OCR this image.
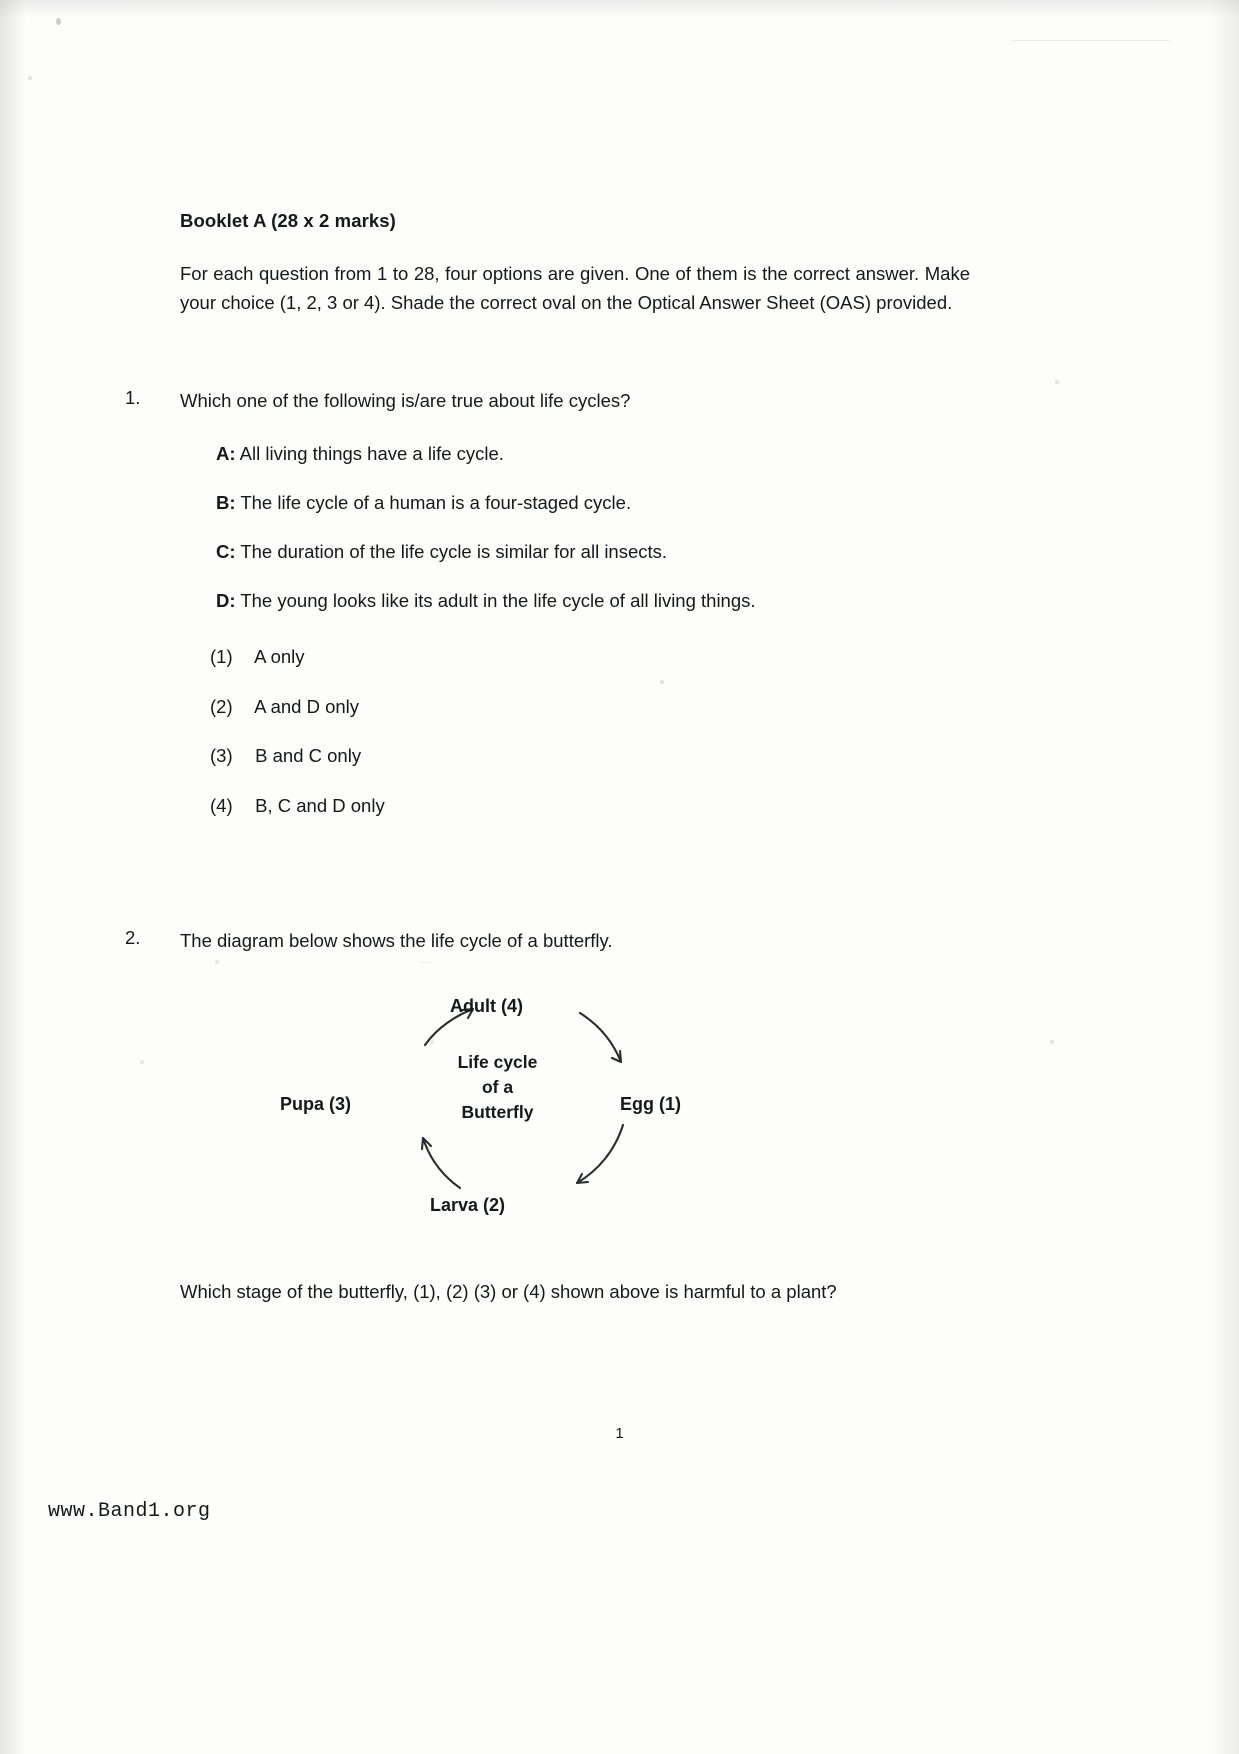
Booklet A (28 x 2 marks)

For each question from 1 to 28, four options are given. One of them is the correct answer. Make your choice (1, 2, 3 or 4). Shade the correct oval on the Optical Answer Sheet (OAS) provided.

1. Which one of the following is/are true about life cycles?

A: All living things have a life cycle.
B: The life cycle of a human is a four-staged cycle.
C: The duration of the life cycle is similar for all insects.
D: The young looks like its adult in the life cycle of all living things.
(1) A only
(2) A and D only
(3) B and C only
(4) B, C and D only
2. The diagram below shows the life cycle of a butterfly.

Life cycle
of a
Butterfly
Adult (4)
Pupa (3)	Egg (1)
Larva (2)

Which stage of the butterfly, (1), (2) (3) or (4) shown above is harmful to a plant?

1
www.Band1.org
